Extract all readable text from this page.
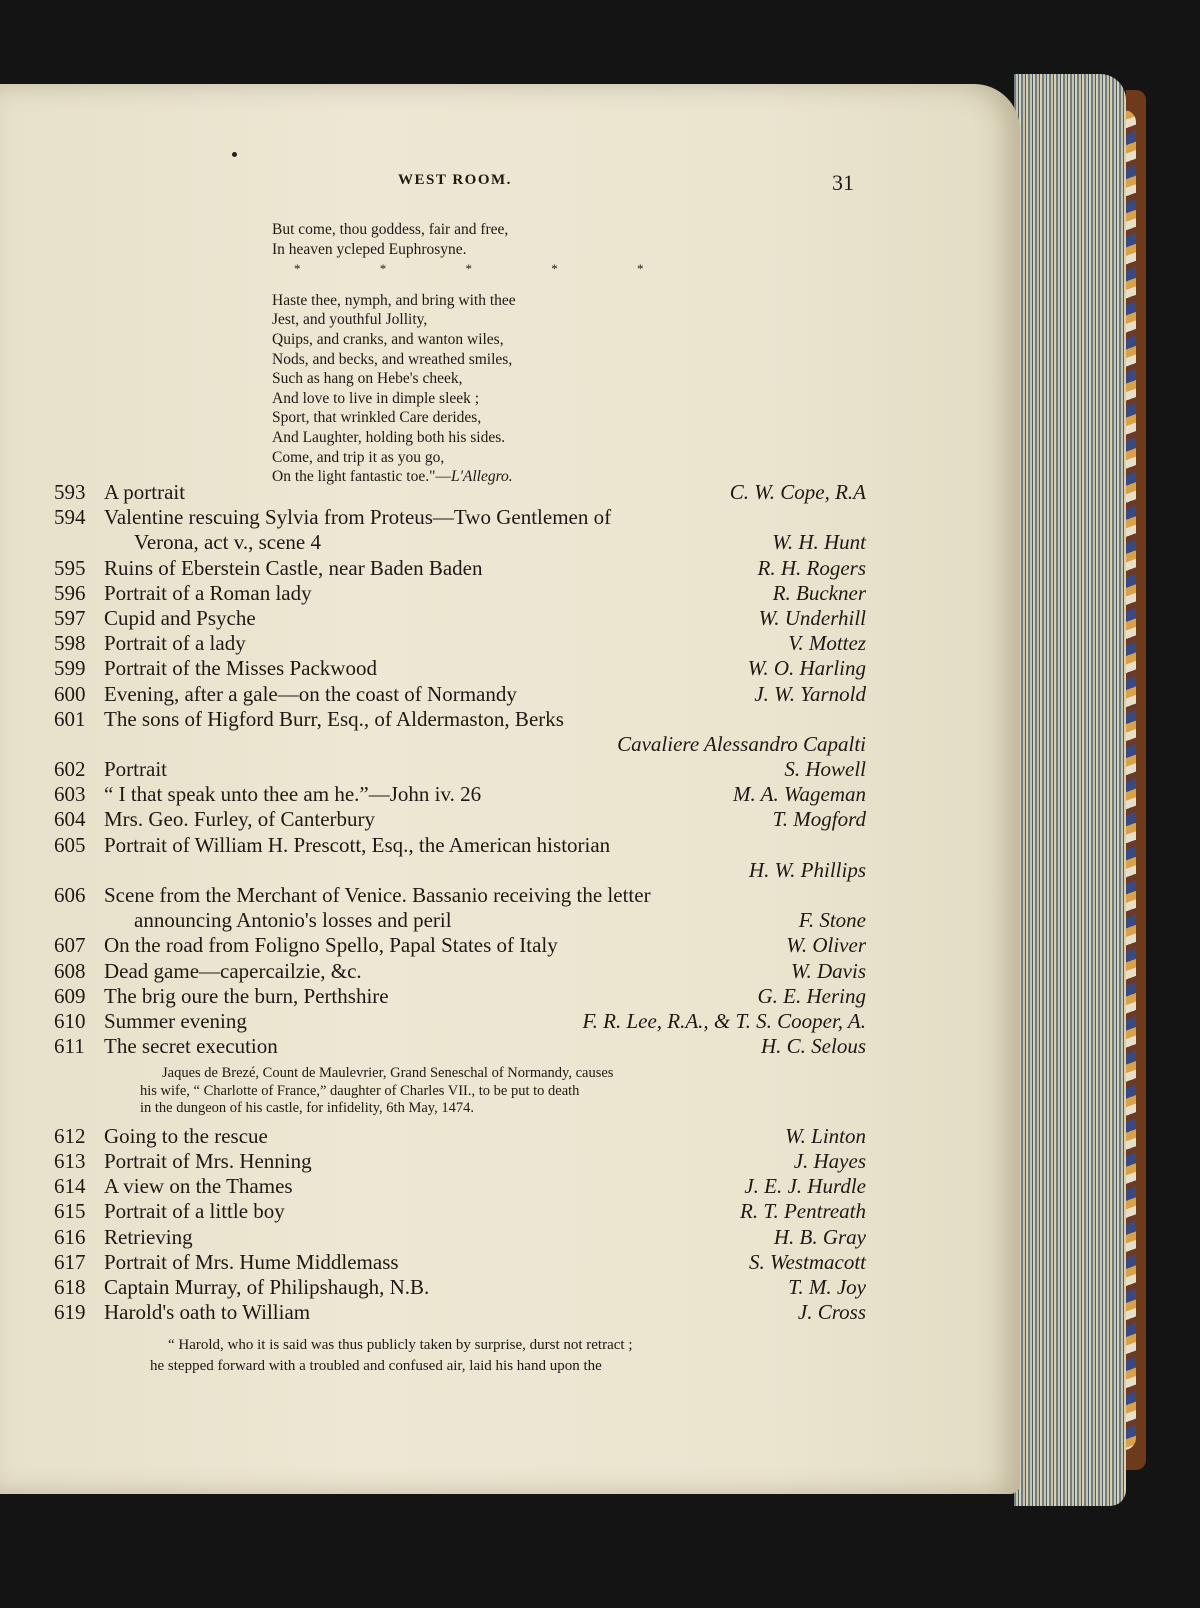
WEST ROOM.	31
But come, thou goddess, fair and free,
In heaven ycleped Euphrosyne.
* * * * *
Haste thee, nymph, and bring with thee
Jest, and youthful Jollity,
Quips, and cranks, and wanton wiles,
Nods, and becks, and wreathed smiles,
Such as hang on Hebe's cheek,
And love to live in dimple sleek ;
Sport, that wrinkled Care derides,
And Laughter, holding both his sides.
Come, and trip it as you go,
On the light fantastic toe."—L'Allegro.
593 A portrait	C. W. Cope, R.A
594 Valentine rescuing Sylvia from Proteus—Two Gentlemen of
Verona, act v., scene 4	W. H. Hunt
595 Ruins of Eberstein Castle, near Baden Baden	R. H. Rogers
596 Portrait of a Roman lady	R. Buckner
597 Cupid and Psyche	W. Underhill
598 Portrait of a lady	V. Mottez
599 Portrait of the Misses Packwood	W. O. Harling
600 Evening, after a gale—on the coast of Normandy	J. W. Yarnold
601 The sons of Higford Burr, Esq., of Aldermaston, Berks
Cavaliere Alessandro Capalti
602 Portrait	S. Howell
603 “ I that speak unto thee am he.”—John iv. 26	M. A. Wageman
604 Mrs. Geo. Furley, of Canterbury	T. Mogford
605 Portrait of William H. Prescott, Esq., the American historian
H. W. Phillips
606 Scene from the Merchant of Venice. Bassanio receiving the letter
announcing Antonio's losses and peril	F. Stone
607 On the road from Foligno Spello, Papal States of Italy	W. Oliver
608 Dead game—capercailzie, &c.	W. Davis
609 The brig oure the burn, Perthshire	G. E. Hering
610 Summer evening	F. R. Lee, R.A., & T. S. Cooper, A.
611 The secret execution	H. C. Selous
Jaques de Brezé, Count de Maulevrier, Grand Seneschal of Normandy, causes
his wife, “ Charlotte of France,” daughter of Charles VII., to be put to death
in the dungeon of his castle, for infidelity, 6th May, 1474.
612 Going to the rescue	W. Linton
613 Portrait of Mrs. Henning	J. Hayes
614 A view on the Thames	J. E. J. Hurdle
615 Portrait of a little boy	R. T. Pentreath
616 Retrieving	H. B. Gray
617 Portrait of Mrs. Hume Middlemass	S. Westmacott
618 Captain Murray, of Philipshaugh, N.B.	T. M. Joy
619 Harold's oath to William	J. Cross
“ Harold, who it is said was thus publicly taken by surprise, durst not retract ;
he stepped forward with a troubled and confused air, laid his hand upon the
